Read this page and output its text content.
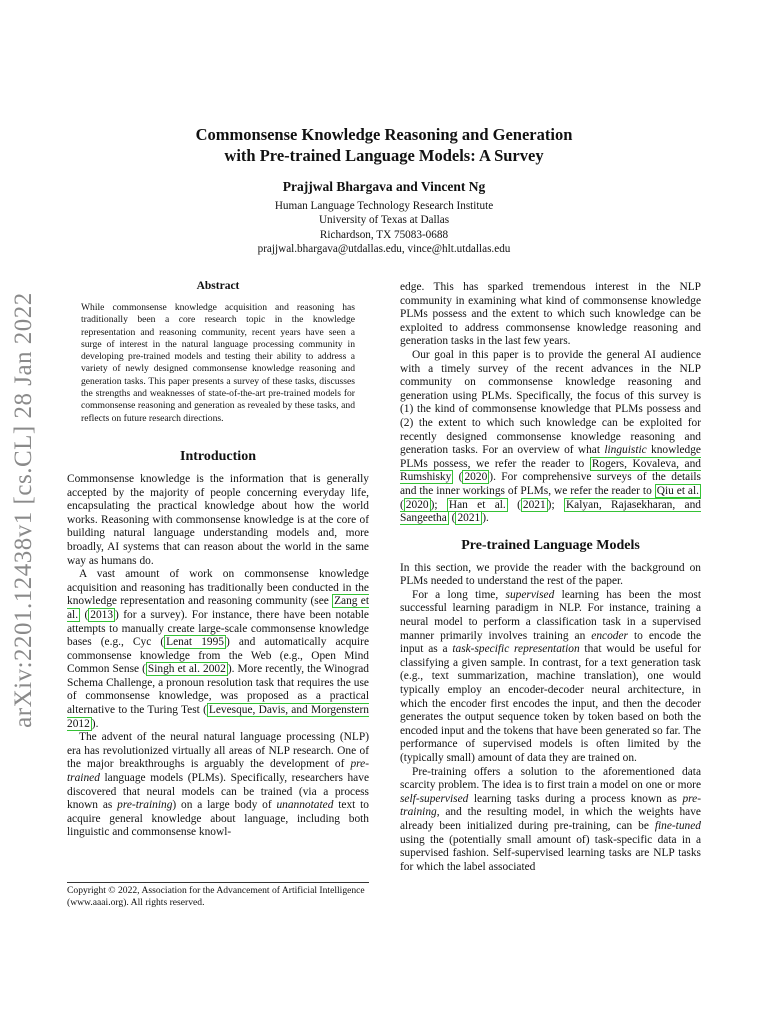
arXiv:2201.12438v1 [cs.CL] 28 Jan 2022
Commonsense Knowledge Reasoning and Generation
with Pre-trained Language Models: A Survey
Prajjwal Bhargava and Vincent Ng
Human Language Technology Research Institute
University of Texas at Dallas
Richardson, TX 75083-0688
prajjwal.bhargava@utdallas.edu, vince@hlt.utdallas.edu
Abstract

While commonsense knowledge acquisition and reasoning has traditionally been a core research topic in the knowledge representation and reasoning community, recent years have seen a surge of interest in the natural language processing community in developing pre-trained models and testing their ability to address a variety of newly designed commonsense knowledge reasoning and generation tasks. This paper presents a survey of these tasks, discusses the strengths and weaknesses of state-of-the-art pre-trained models for commonsense reasoning and generation as revealed by these tasks, and reflects on future research directions.

Introduction

Commonsense knowledge is the information that is generally accepted by the majority of people concerning everyday life, encapsulating the practical knowledge about how the world works. Reasoning with commonsense knowledge is at the core of building natural language understanding models and, more broadly, AI systems that can reason about the world in the same way as humans do.

A vast amount of work on commonsense knowledge acquisition and reasoning has traditionally been conducted in the knowledge representation and reasoning community (see Zang et al. ( 2013 ) for a survey). For instance, there have been notable attempts to manually create large-scale commonsense knowledge bases (e.g., Cyc ( Lenat 1995 ) and automatically acquire commonsense knowledge from the Web (e.g., Open Mind Common Sense ( Singh et al. 2002 ). More recently, the Winograd Schema Challenge, a pronoun resolution task that requires the use of commonsense knowledge, was proposed as a practical alternative to the Turing Test ( Levesque, Davis, and Morgenstern 2012 ).

The advent of the neural natural language processing (NLP) era has revolutionized virtually all areas of NLP research. One of the major breakthroughs is arguably the development of pre-trained language models (PLMs). Specifically, researchers have discovered that neural models can be trained (via a process known as pre-training) on a large body of unannotated text to acquire general knowledge about language, including both linguistic and commonsense knowl-

Copyright © 2022, Association for the Advancement of Artificial Intelligence (www.aaai.org). All rights reserved.

edge. This has sparked tremendous interest in the NLP community in examining what kind of commonsense knowledge PLMs possess and the extent to which such knowledge can be exploited to address commonsense knowledge reasoning and generation tasks in the last few years.

Our goal in this paper is to provide the general AI audience with a timely survey of the recent advances in the NLP community on commonsense knowledge reasoning and generation using PLMs. Specifically, the focus of this survey is (1) the kind of commonsense knowledge that PLMs possess and (2) the extent to which such knowledge can be exploited for recently designed commonsense knowledge reasoning and generation tasks. For an overview of what linguistic knowledge PLMs possess, we refer the reader to Rogers, Kovaleva, and Rumshisky ( 2020 ). For comprehensive surveys of the details and the inner workings of PLMs, we refer the reader to Qiu et al. ( 2020 ); Han et al. ( 2021 ); Kalyan, Rajasekharan, and Sangeetha ( 2021 ).

Pre-trained Language Models

In this section, we provide the reader with the background on PLMs needed to understand the rest of the paper.

For a long time, supervised learning has been the most successful learning paradigm in NLP. For instance, training a neural model to perform a classification task in a supervised manner primarily involves training an encoder to encode the input as a task-specific representation that would be useful for classifying a given sample. In contrast, for a text generation task (e.g., text summarization, machine translation), one would typically employ an encoder-decoder neural architecture, in which the encoder first encodes the input, and then the decoder generates the output sequence token by token based on both the encoded input and the tokens that have been generated so far. The performance of supervised models is often limited by the (typically small) amount of data they are trained on.

Pre-training offers a solution to the aforementioned data scarcity problem. The idea is to first train a model on one or more self-supervised learning tasks during a process known as pre-training, and the resulting model, in which the weights have already been initialized during pre-training, can be fine-tuned using the (potentially small amount of) task-specific data in a supervised fashion. Self-supervised learning tasks are NLP tasks for which the label associated
